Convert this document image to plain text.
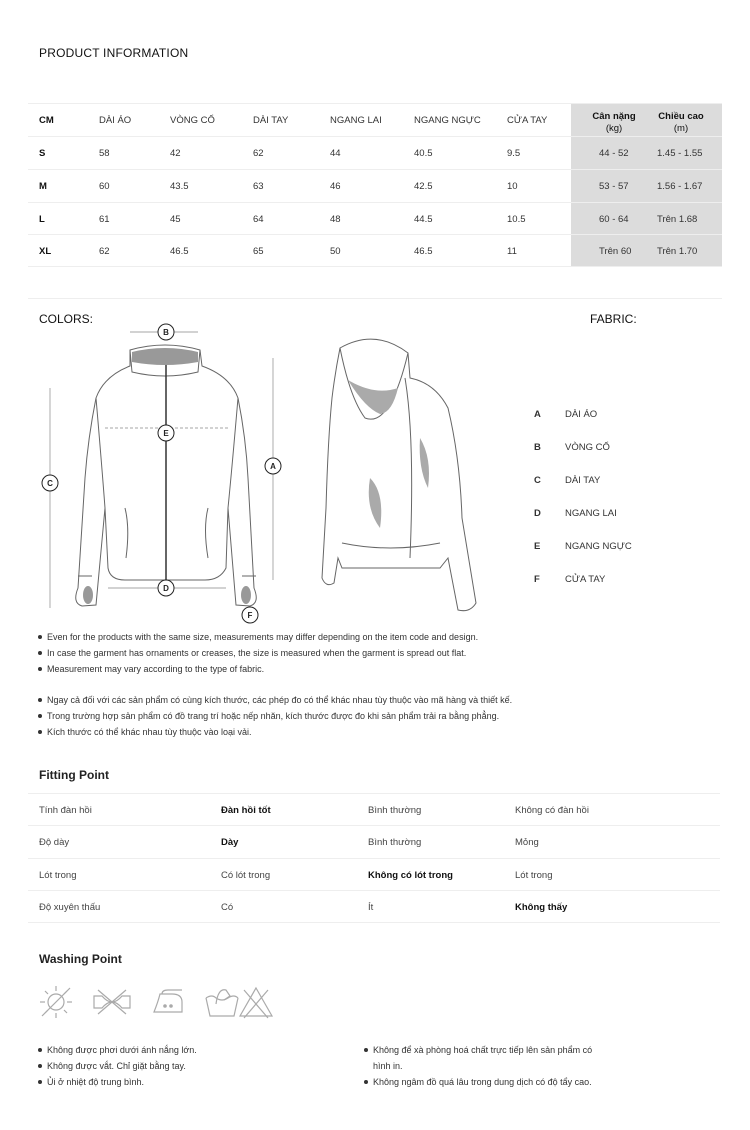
PRODUCT INFORMATION
Cân nặng
(kg)
Chiều cao
(m)
CM	DÀI ÁO	VÒNG CỔ	DÀI TAY	NGANG LAI	NGANG NGỰC	CỬA TAY
S	58	42	62	44	40.5	9.5	44 - 52	1.45 - 1.55
M	60	43.5	63	46	42.5	10	53 - 57	1.56 - 1.67
L	61	45	64	48	44.5	10.5	60 - 64	Trên 1.68
XL	62	46.5	65	50	46.5	11	Trên 60	Trên 1.70
COLORS:	FABRIC:
B
E
C
A
D
F
A	DÀI ÁO
B	VÒNG CỔ
C	DÀI TAY
D	NGANG LAI
E	NGANG NGỰC
F	CỬA TAY
Even for the products with the same size, measurements may differ depending on the item code and design.
In case the garment has ornaments or creases, the size is measured when the garment is spread out flat.
Measurement may vary according to the type of fabric.
Ngay cả đối với các sản phẩm có cùng kích thước, các phép đo có thể khác nhau tùy thuộc vào mã hàng và thiết kế.
Trong trường hợp sản phẩm có đồ trang trí hoặc nếp nhăn, kích thước được đo khi sản phẩm trải ra bằng phẳng.
Kích thước có thể khác nhau tùy thuộc vào loại vải.
Fitting Point
Tính đàn hồi	Đàn hồi tốt	Bình thường	Không có đàn hồi
Độ dày	Dày	Bình thường	Mỏng
Lót trong	Có lót trong	Không có lót trong	Lót trong
Độ xuyên thấu	Có	Ít	Không thấy
Washing Point
Không được phơi dưới ánh nắng lớn.
Không được vắt. Chỉ giặt bằng tay.
Ủi ở nhiệt độ trung bình.
Không để xà phòng hoá chất trực tiếp lên sản phẩm có hình in.
Không ngâm đồ quá lâu trong dung dịch có độ tẩy cao.
